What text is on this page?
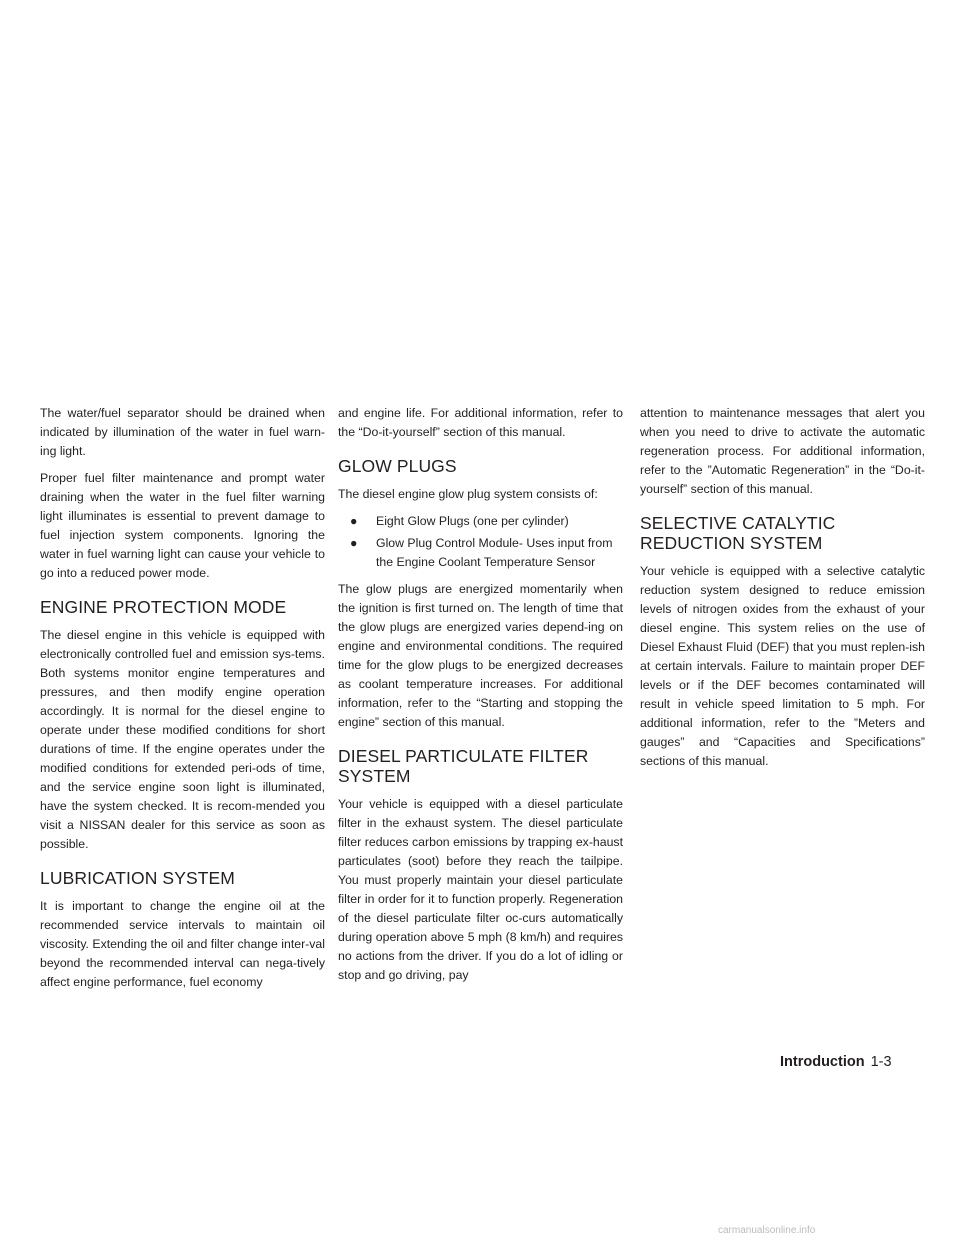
The water/fuel separator should be drained when indicated by illumination of the water in fuel warn-ing light.

Proper fuel filter maintenance and prompt water draining when the water in the fuel filter warning light illuminates is essential to prevent damage to fuel injection system components. Ignoring the water in fuel warning light can cause your vehicle to go into a reduced power mode.

ENGINE PROTECTION MODE

The diesel engine in this vehicle is equipped with electronically controlled fuel and emission sys-tems. Both systems monitor engine temperatures and pressures, and then modify engine operation accordingly. It is normal for the diesel engine to operate under these modified conditions for short durations of time. If the engine operates under the modified conditions for extended peri-ods of time, and the service engine soon light is illuminated, have the system checked. It is recom-mended you visit a NISSAN dealer for this service as soon as possible.

LUBRICATION SYSTEM

It is important to change the engine oil at the recommended service intervals to maintain oil viscosity. Extending the oil and filter change inter-val beyond the recommended interval can nega-tively affect engine performance, fuel economy

and engine life. For additional information, refer to the “Do-it-yourself” section of this manual.

GLOW PLUGS

The diesel engine glow plug system consists of:

● Eight Glow Plugs (one per cylinder)
● Glow Plug Control Module- Uses input from the Engine Coolant Temperature Sensor

The glow plugs are energized momentarily when the ignition is first turned on. The length of time that the glow plugs are energized varies depend-ing on engine and environmental conditions. The required time for the glow plugs to be energized decreases as coolant temperature increases. For additional information, refer to the “Starting and stopping the engine” section of this manual.

DIESEL PARTICULATE FILTER SYSTEM

Your vehicle is equipped with a diesel particulate filter in the exhaust system. The diesel particulate filter reduces carbon emissions by trapping ex-haust particulates (soot) before they reach the tailpipe. You must properly maintain your diesel particulate filter in order for it to function properly. Regeneration of the diesel particulate filter oc-curs automatically during operation above 5 mph (8 km/h) and requires no actions from the driver. If you do a lot of idling or stop and go driving, pay

attention to maintenance messages that alert you when you need to drive to activate the automatic regeneration process. For additional information, refer to the ”Automatic Regeneration” in the “Do-it-yourself” section of this manual.

SELECTIVE CATALYTIC REDUCTION SYSTEM

Your vehicle is equipped with a selective catalytic reduction system designed to reduce emission levels of nitrogen oxides from the exhaust of your diesel engine. This system relies on the use of Diesel Exhaust Fluid (DEF) that you must replen-ish at certain intervals. Failure to maintain proper DEF levels or if the DEF becomes contaminated will result in vehicle speed limitation to 5 mph. For additional information, refer to the ”Meters and gauges” and “Capacities and Specifications” sections of this manual.

Introduction 1-3
carmanualsonline.info
